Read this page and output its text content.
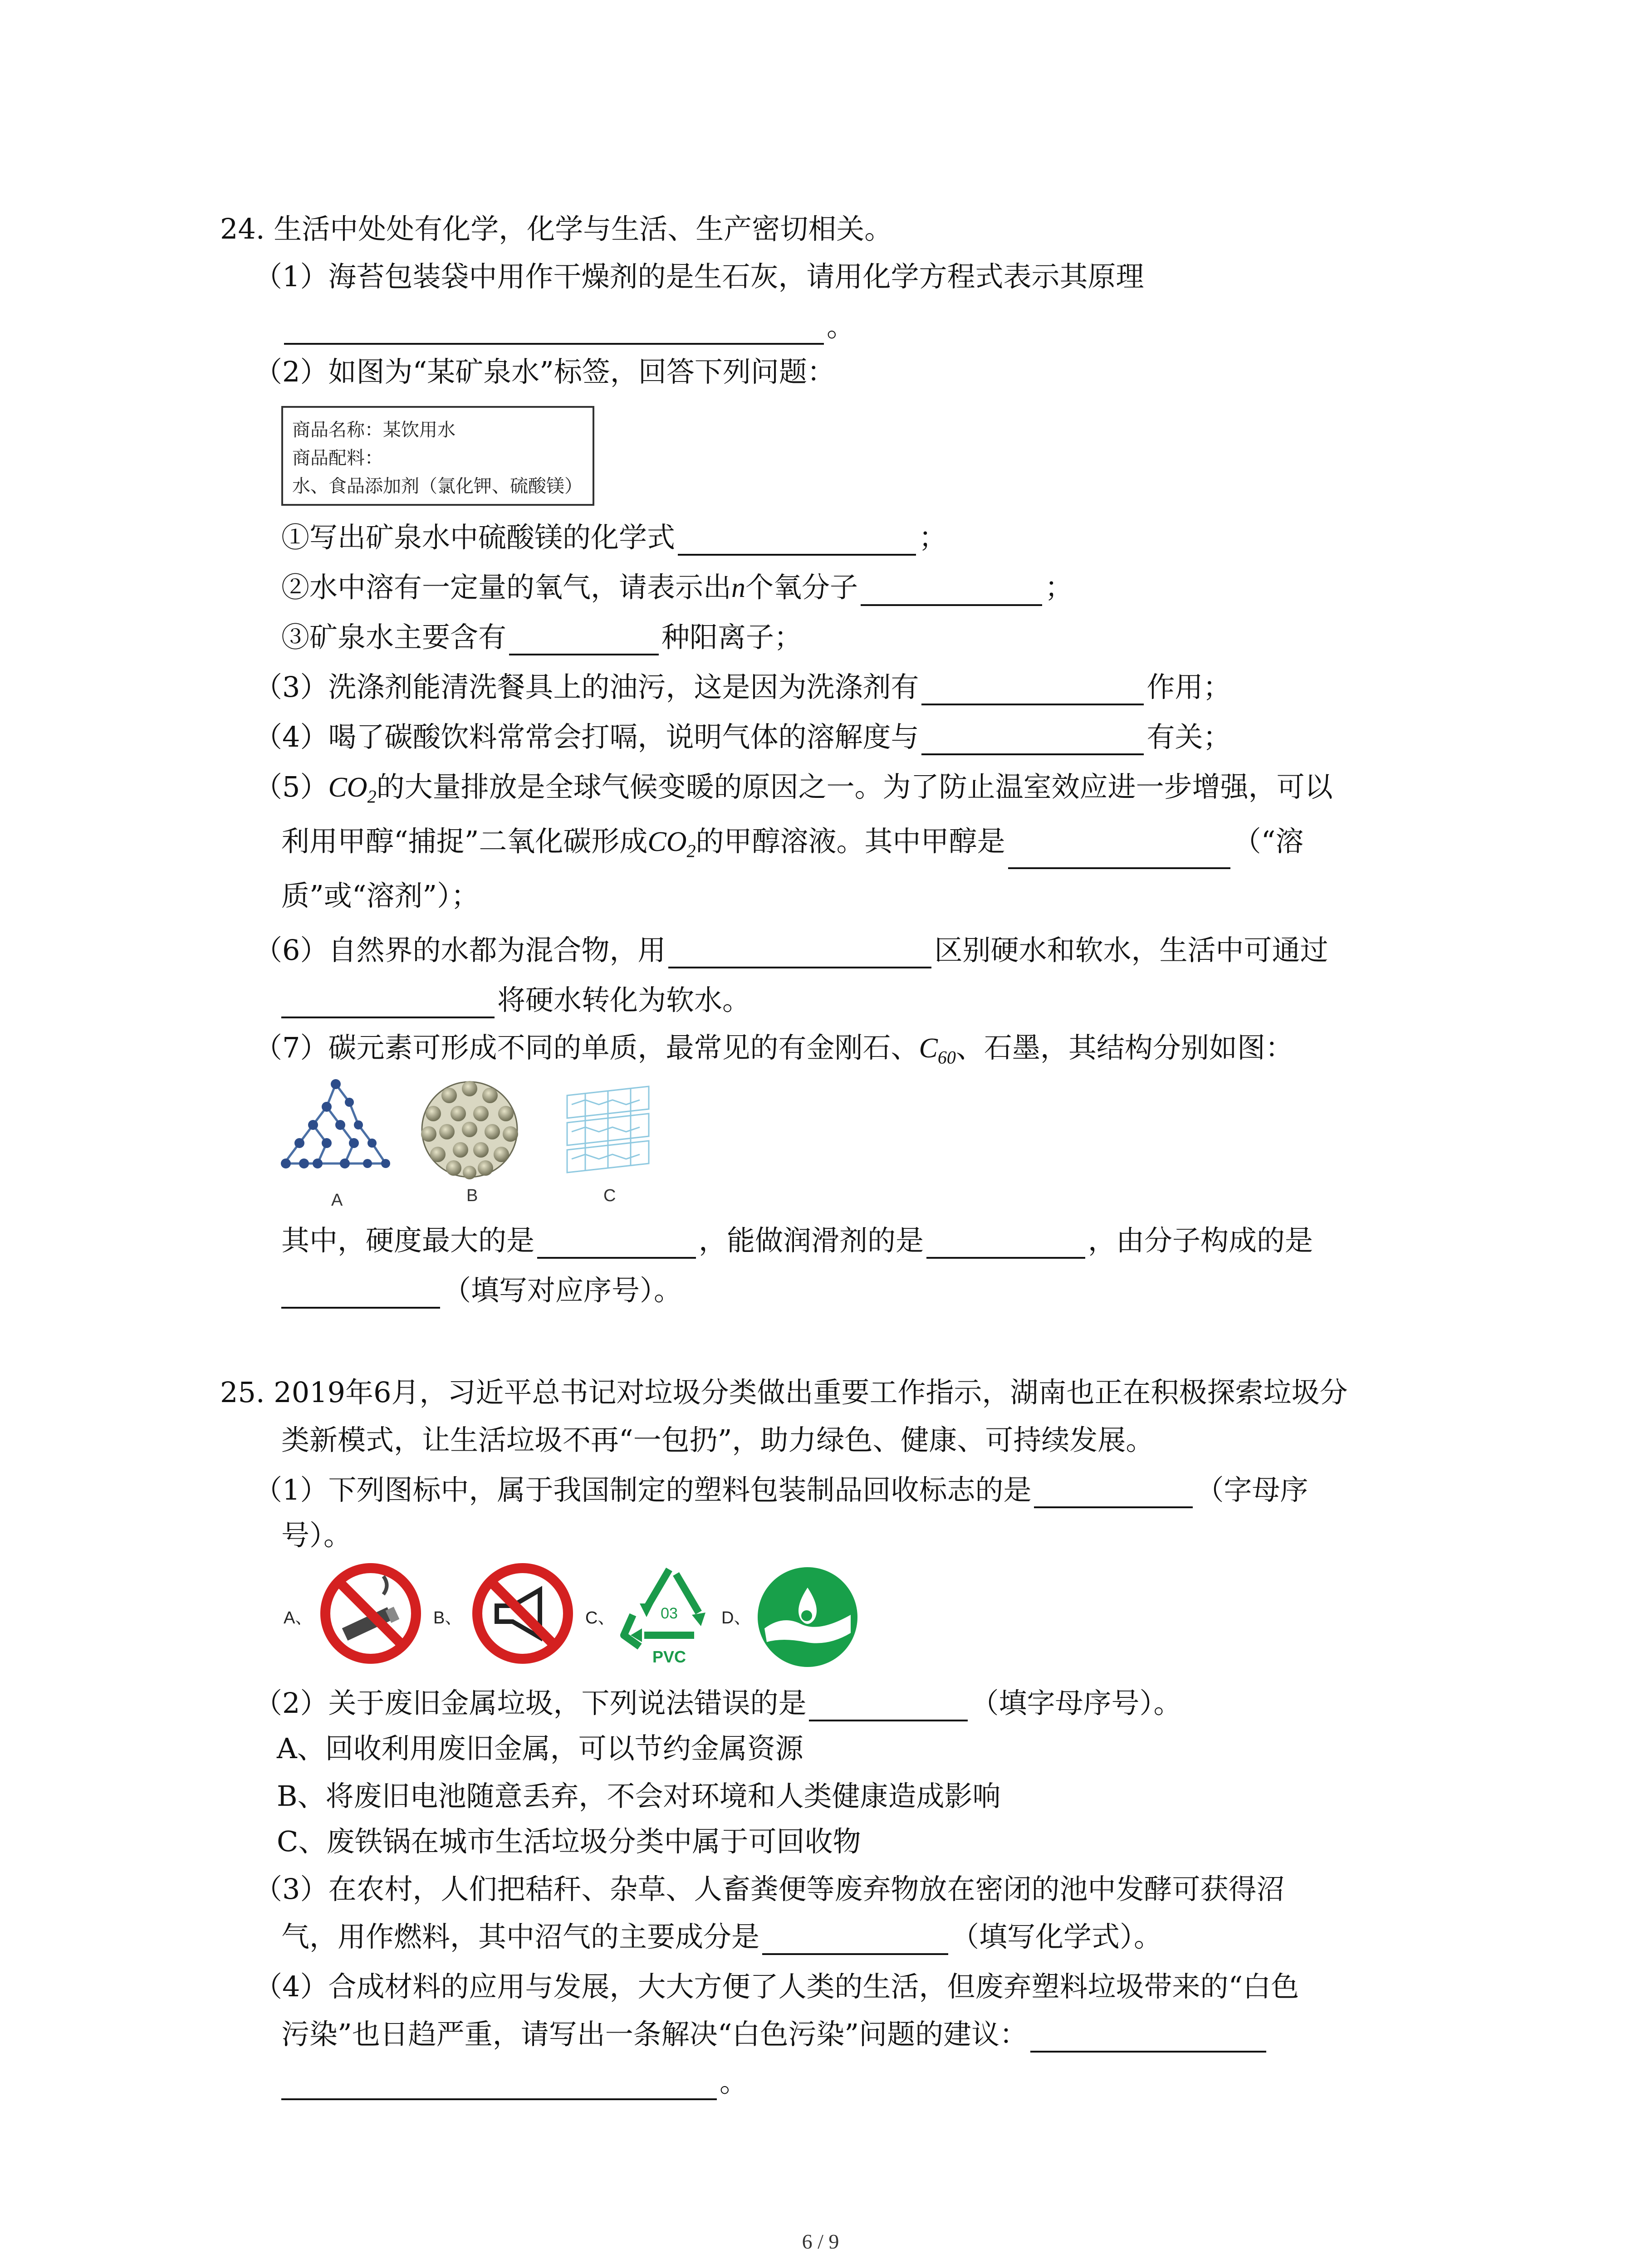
24. 生活中处处有化学，化学与生活、生产密切相关。
（1）海苔包装袋中用作干燥剂的是生石灰，请用化学方程式表示其原理
。
（2）如图为“某矿泉水”标签，回答下列问题：
商品名称：某饮用水
商品配料：
水、食品添加剂（氯化钾、硫酸镁）
①写出矿泉水中硫酸镁的化学式	；
②水中溶有一定量的氧气，请表示出n个氧分子	；
③矿泉水主要含有	种阳离子；
（3）洗涤剂能清洗餐具上的油污，这是因为洗涤剂有	作用；
（4）喝了碳酸饮料常常会打嗝，说明气体的溶解度与	有关；
$(5)CO_2$的大量排放是全球气候变暖的原因之一。为了防止温室效应进一步增强，可以
利用甲醇“捕捉”二氧化碳形成$CO_2$的甲醇溶液。其中甲醇是	（“溶
质”或“溶剂”）；
（6）自然界的水都为混合物，用	区别硬水和软水，生活中可通过
将硬水转化为软水。
（7）碳元素可形成不同的单质，最常见的有金刚石、$C_{60}$、石墨，其结构分别如图：
A	B	C
其中，硬度最大的是	，能做润滑剂的是	，由分子构成的是
（填写对应序号）。
25. 2019年6月，习近平总书记对垃圾分类做出重要工作指示，湖南也正在积极探索垃圾分
类新模式，让生活垃圾不再“一包扔”，助力绿色、健康、可持续发展。
（1）下列图标中，属于我国制定的塑料包装制品回收标志的是	（字母序
号）。
A、	B、	C、	03
PVC
D、
（2）关于废旧金属垃圾，下列说法错误的是	（填字母序号）。
A、回收利用废旧金属，可以节约金属资源
B、将废旧电池随意丢弃，不会对环境和人类健康造成影响
C、废铁锅在城市生活垃圾分类中属于可回收物
（3）在农村，人们把秸秆、杂草、人畜粪便等废弃物放在密闭的池中发酵可获得沼
气，用作燃料，其中沼气的主要成分是	（填写化学式）。
（4）合成材料的应用与发展，大大方便了人类的生活，但废弃塑料垃圾带来的“白色
污染”也日趋严重，请写出一条解决“白色污染”问题的建议：
。
6 / 9
